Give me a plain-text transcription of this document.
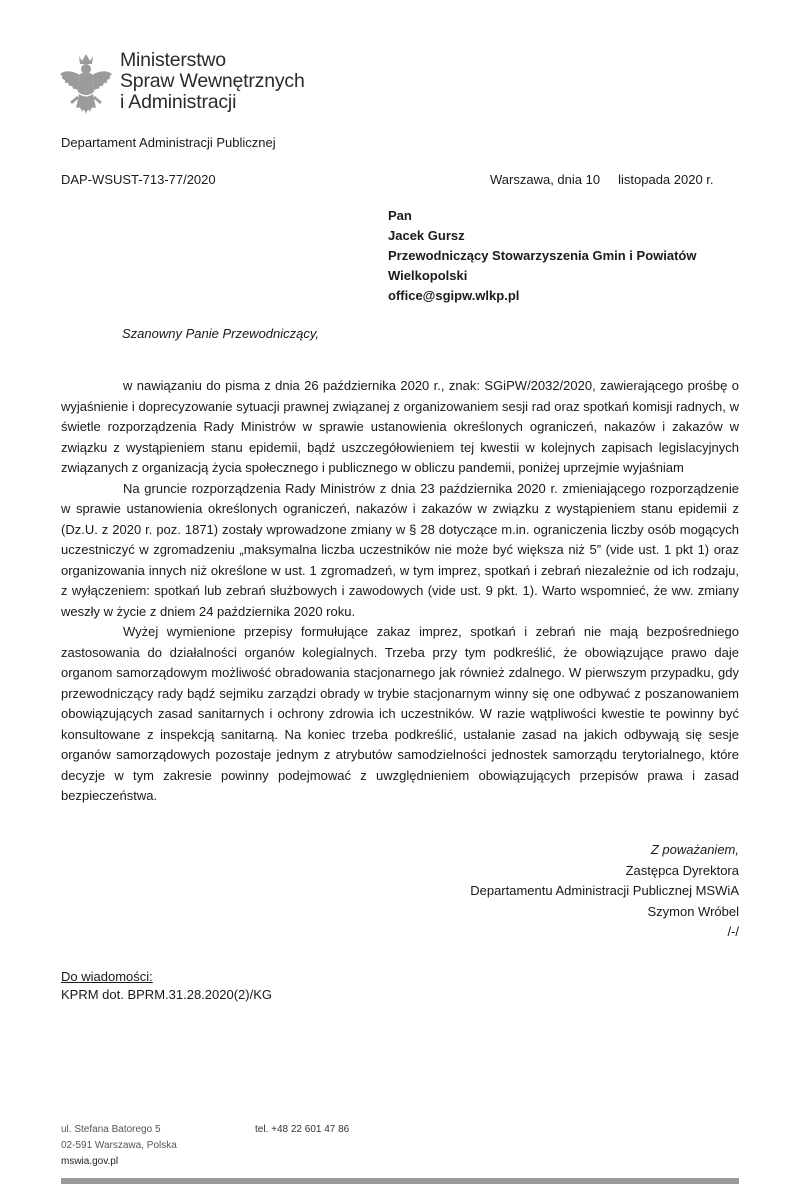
Ministerstwo
Spraw Wewnętrznych
i Administracji
Departament Administracji Publicznej
DAP-WSUST-713-77/2020	Warszawa, dnia 10     listopada 2020 r.
Pan
Jacek Gursz
Przewodniczący Stowarzyszenia Gmin i Powiatów
Wielkopolski
office@sgipw.wlkp.pl
Szanowny Panie Przewodniczący,

w nawiązaniu do pisma z dnia 26 października 2020 r., znak: SGiPW/2032/2020, zawierającego prośbę o wyjaśnienie i doprecyzowanie sytuacji prawnej związanej z organizowaniem sesji rad oraz spotkań komisji radnych, w świetle rozporządzenia Rady Ministrów w sprawie ustanowienia określonych ograniczeń, nakazów i zakazów w związku z wystąpieniem stanu epidemii, bądź uszczegółowieniem tej kwestii w kolejnych zapisach legislacyjnych związanych z organizacją życia społecznego i publicznego w obliczu pandemii, poniżej uprzejmie wyjaśniam

Na gruncie rozporządzenia Rady Ministrów z dnia 23 października 2020 r. zmieniającego rozporządzenie w sprawie ustanowienia określonych ograniczeń, nakazów i zakazów w związku z wystąpieniem stanu epidemii z (Dz.U. z 2020 r. poz. 1871) zostały wprowadzone zmiany w § 28 dotyczące m.in. ograniczenia liczby osób mogących uczestniczyć w zgromadzeniu „maksymalna liczba uczestników nie może być większa niż 5” (vide ust. 1 pkt 1) oraz organizowania innych niż określone w ust. 1 zgromadzeń, w tym imprez, spotkań i zebrań niezależnie od ich rodzaju, z wyłączeniem: spotkań lub zebrań służbowych i zawodowych (vide ust. 9 pkt. 1). Warto wspomnieć, że ww. zmiany weszły w życie z dniem 24 października 2020 roku.

Wyżej wymienione przepisy formułujące zakaz imprez, spotkań i zebrań nie mają bezpośredniego zastosowania do działalności organów kolegialnych. Trzeba przy tym podkreślić, że obowiązujące prawo daje organom samorządowym możliwość obradowania stacjonarnego jak również zdalnego. W pierwszym przypadku, gdy przewodniczący rady bądź sejmiku zarządzi obrady w trybie stacjonarnym winny się one odbywać z poszanowaniem obowiązujących zasad sanitarnych i ochrony zdrowia ich uczestników. W razie wątpliwości kwestie te powinny być konsultowane z inspekcją sanitarną. Na koniec trzeba podkreślić, ustalanie zasad na jakich odbywają się sesje organów samorządowych pozostaje jednym z atrybutów samodzielności jednostek samorządu terytorialnego, które decyzje w tym zakresie powinny podejmować z uwzględnieniem obowiązujących przepisów prawa i zasad bezpieczeństwa.

Z poważaniem,
Zastępca Dyrektora
Departamentu Administracji Publicznej MSWiA
Szymon Wróbel
/-/
Do wiadomości:
KPRM dot. BPRM.31.28.2020(2)/KG
ul. Stefana Batorego 5
02-591 Warszawa, Polska
mswia.gov.pl
tel. +48 22 601 47 86
